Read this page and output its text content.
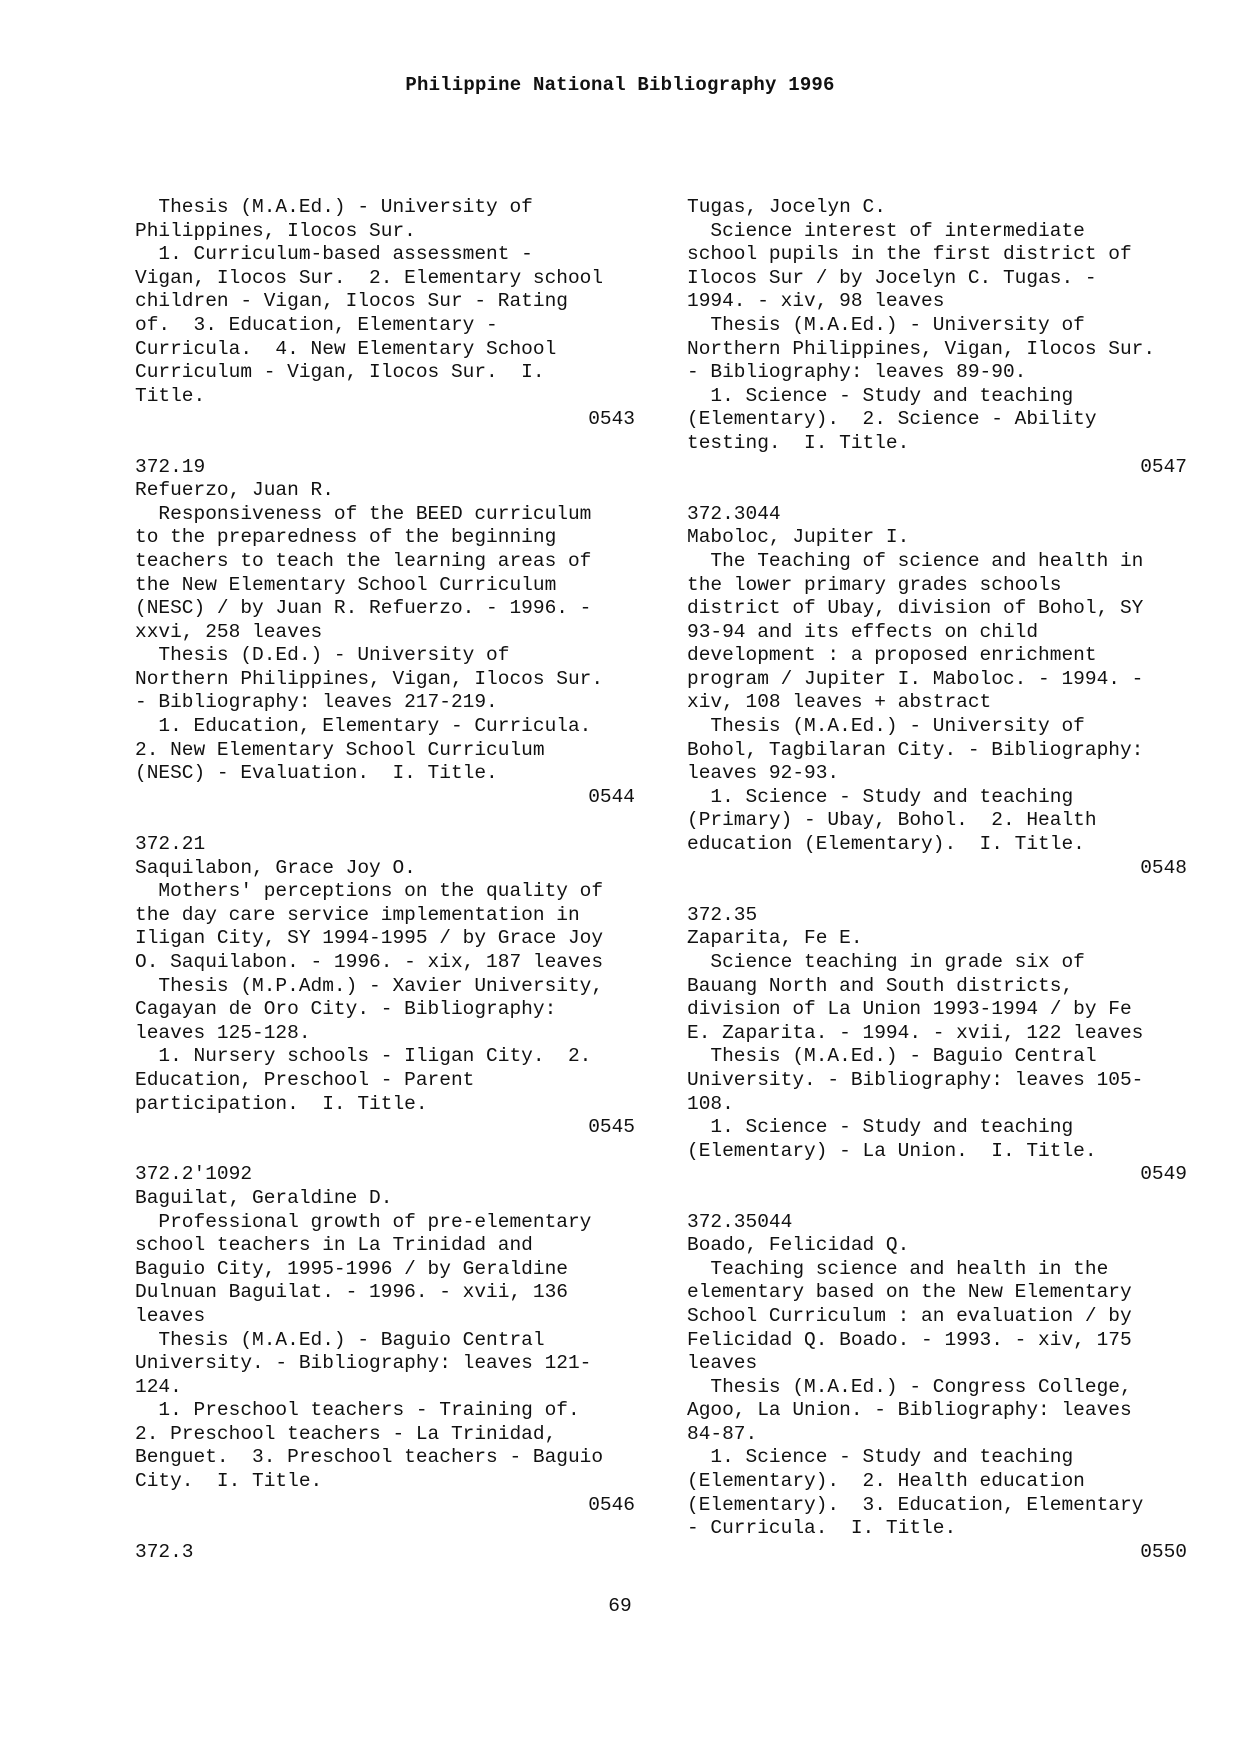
Philippine National Bibliography 1996
Thesis (M.A.Ed.) - University of
Philippines, Ilocos Sur.
1. Curriculum-based assessment -
Vigan, Ilocos Sur.  2. Elementary school
children - Vigan, Ilocos Sur - Rating
of.  3. Education, Elementary -
Curricula.  4. New Elementary School
Curriculum - Vigan, Ilocos Sur.  I.
Title.
0543
372.19
Refuerzo, Juan R.
Responsiveness of the BEED curriculum
to the preparedness of the beginning
teachers to teach the learning areas of
the New Elementary School Curriculum
(NESC) / by Juan R. Refuerzo. - 1996. -
xxvi, 258 leaves
Thesis (D.Ed.) - University of
Northern Philippines, Vigan, Ilocos Sur.
- Bibliography: leaves 217-219.
1. Education, Elementary - Curricula.
2. New Elementary School Curriculum
(NESC) - Evaluation.  I. Title.
0544
372.21
Saquilabon, Grace Joy O.
Mothers' perceptions on the quality of
the day care service implementation in
Iligan City, SY 1994-1995 / by Grace Joy
O. Saquilabon. - 1996. - xix, 187 leaves
Thesis (M.P.Adm.) - Xavier University,
Cagayan de Oro City. - Bibliography:
leaves 125-128.
1. Nursery schools - Iligan City.  2.
Education, Preschool - Parent
participation.  I. Title.
0545
372.2'1092
Baguilat, Geraldine D.
Professional growth of pre-elementary
school teachers in La Trinidad and
Baguio City, 1995-1996 / by Geraldine
Dulnuan Baguilat. - 1996. - xvii, 136
leaves
Thesis (M.A.Ed.) - Baguio Central
University. - Bibliography: leaves 121-
124.
1. Preschool teachers - Training of.
2. Preschool teachers - La Trinidad,
Benguet.  3. Preschool teachers - Baguio
City.  I. Title.
0546
372.3
Tugas, Jocelyn C.
Science interest of intermediate
school pupils in the first district of
Ilocos Sur / by Jocelyn C. Tugas. -
1994. - xiv, 98 leaves
Thesis (M.A.Ed.) - University of
Northern Philippines, Vigan, Ilocos Sur.
- Bibliography: leaves 89-90.
1. Science - Study and teaching
(Elementary).  2. Science - Ability
testing.  I. Title.
0547
372.3044
Maboloc, Jupiter I.
The Teaching of science and health in
the lower primary grades schools
district of Ubay, division of Bohol, SY
93-94 and its effects on child
development : a proposed enrichment
program / Jupiter I. Maboloc. - 1994. -
xiv, 108 leaves + abstract
Thesis (M.A.Ed.) - University of
Bohol, Tagbilaran City. - Bibliography:
leaves 92-93.
1. Science - Study and teaching
(Primary) - Ubay, Bohol.  2. Health
education (Elementary).  I. Title.
0548
372.35
Zaparita, Fe E.
Science teaching in grade six of
Bauang North and South districts,
division of La Union 1993-1994 / by Fe
E. Zaparita. - 1994. - xvii, 122 leaves
Thesis (M.A.Ed.) - Baguio Central
University. - Bibliography: leaves 105-
108.
1. Science - Study and teaching
(Elementary) - La Union.  I. Title.
0549
372.35044
Boado, Felicidad Q.
Teaching science and health in the
elementary based on the New Elementary
School Curriculum : an evaluation / by
Felicidad Q. Boado. - 1993. - xiv, 175
leaves
Thesis (M.A.Ed.) - Congress College,
Agoo, La Union. - Bibliography: leaves
84-87.
1. Science - Study and teaching
(Elementary).  2. Health education
(Elementary).  3. Education, Elementary
- Curricula.  I. Title.
0550
69
